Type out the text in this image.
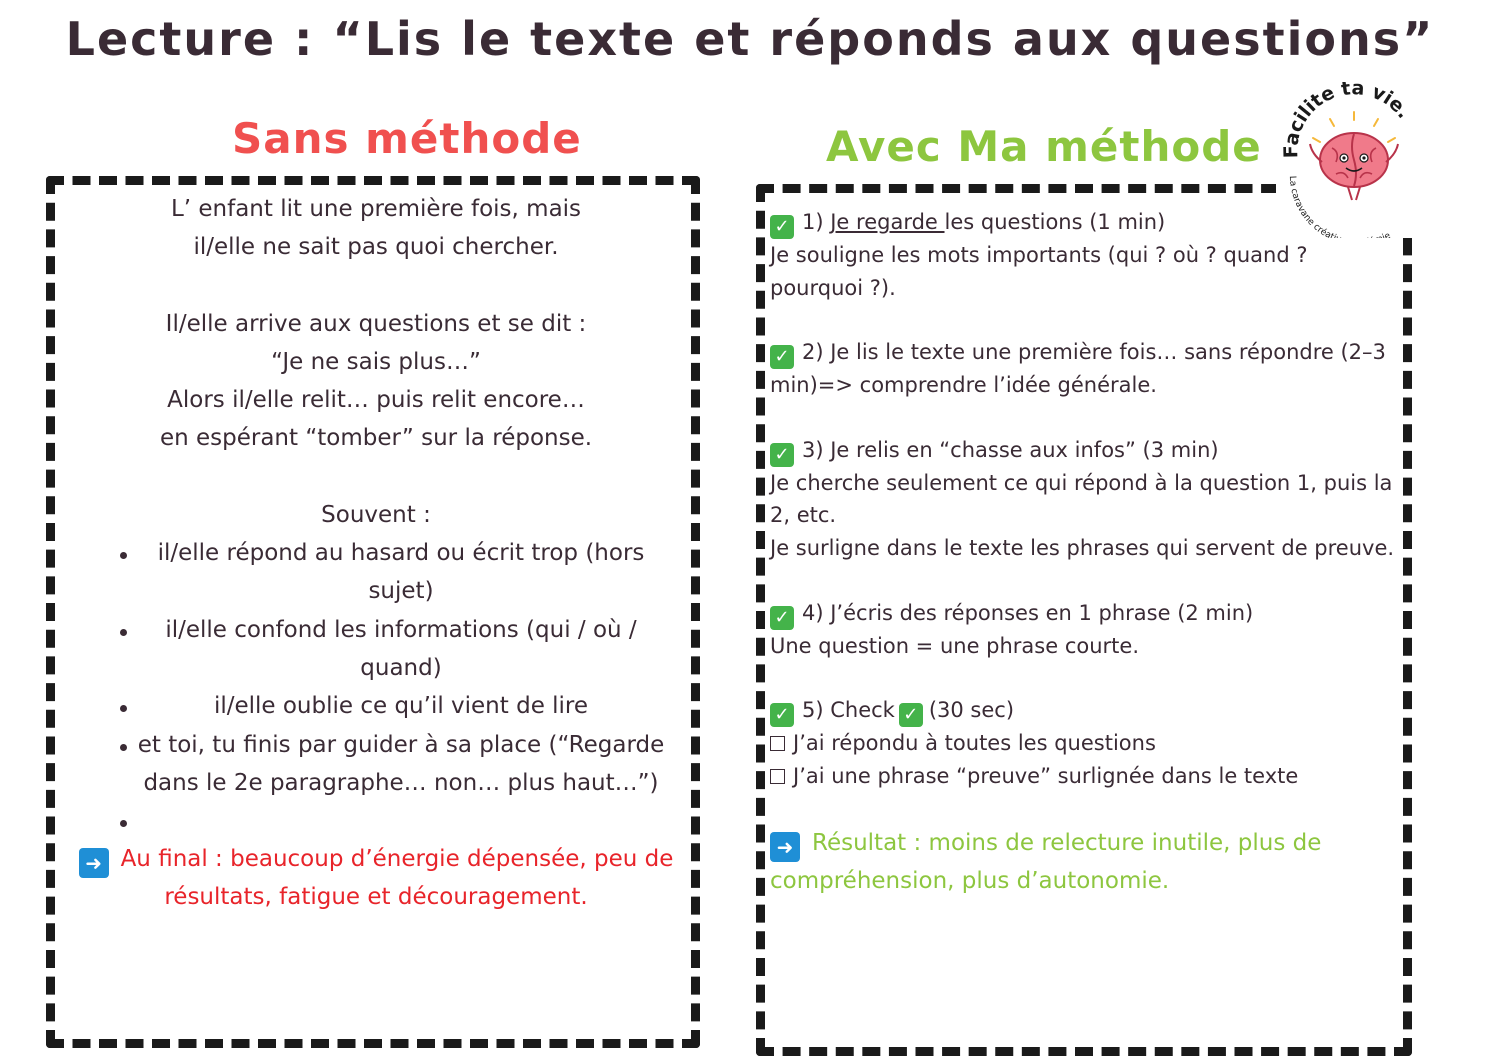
Lecture : “Lis le texte et réponds aux questions”
Sans méthode	Avec Ma méthode

L’ enfant lit une première fois, mais

il/elle ne sait pas quoi chercher.

Il/elle arrive aux questions et se dit :

“Je ne sais plus…”

Alors il/elle relit… puis relit encore…

en espérant “tomber” sur la réponse.

Souvent :

il/elle répond au hasard ou écrit trop (hors sujet)
il/elle confond les informations (qui / où / quand)
il/elle oublie ce qu’il vient de lire
et toi, tu finis par guider à sa place (“Regarde dans le 2e paragraphe… non… plus haut…”)

➜ Au final : beaucoup d’énergie dépensée, peu de résultats, fatigue et découragement.

✓ 1) Je regarde les questions (1 min)

Je souligne les mots importants (qui ? où ? quand ? pourquoi ?).

✓ 2) Je lis le texte une première fois… sans répondre (2–3 min)=> comprendre l’idée générale.

✓ 3) Je relis en “chasse aux infos” (3 min)

Je cherche seulement ce qui répond à la question 1, puis la 2, etc.

Je surligne dans le texte les phrases qui servent de preuve.

✓ 4) J’écris des réponses en 1 phrase (2 min)

Une question = une phrase courte.

✓ 5) Check ✓ (30 sec)

J’ai répondu à toutes les questions

J’ai une phrase “preuve” surlignée dans le texte

➜ Résultat : moins de relecture inutile, plus de compréhension, plus d’autonomie.

Facilite ta vie.
La caravane créat e
